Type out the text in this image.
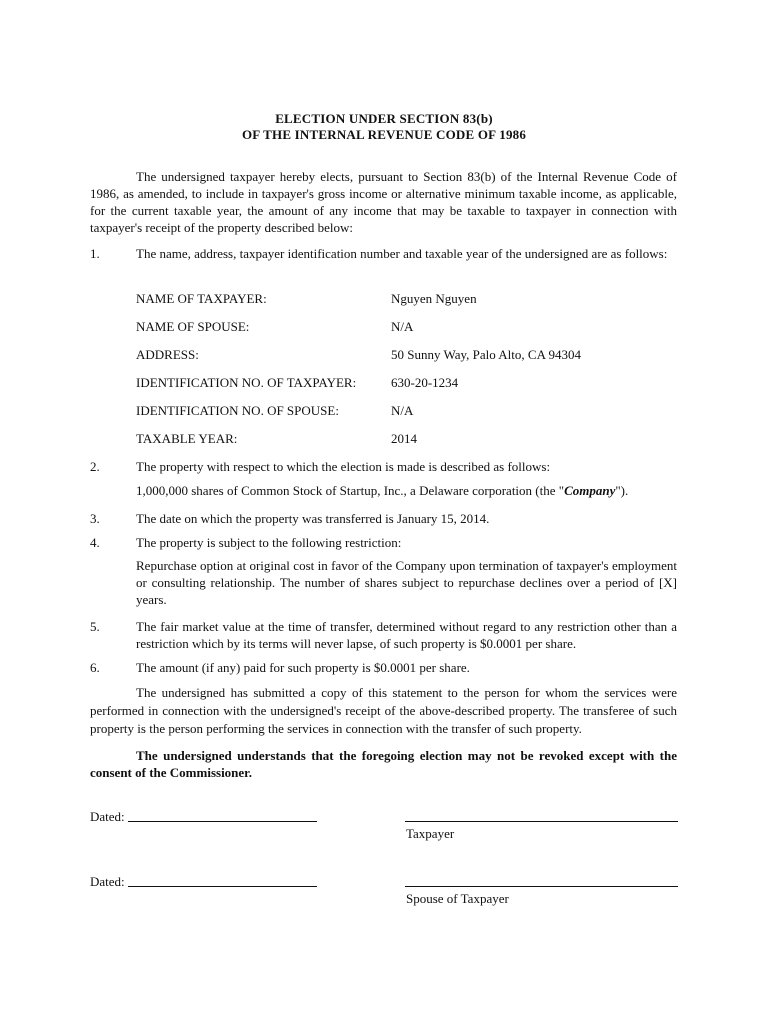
ELECTION UNDER SECTION 83(b)
OF THE INTERNAL REVENUE CODE OF 1986
The undersigned taxpayer hereby elects, pursuant to Section 83(b) of the Internal Revenue Code of 1986, as amended, to include in taxpayer's gross income or alternative minimum taxable income, as applicable, for the current taxable year, the amount of any income that may be taxable to taxpayer in connection with taxpayer's receipt of the property described below:
1.	The name, address, taxpayer identification number and taxable year of the undersigned are as follows:
NAME OF TAXPAYER:	Nguyen Nguyen
NAME OF SPOUSE:	N/A
ADDRESS:	50 Sunny Way, Palo Alto, CA 94304
IDENTIFICATION NO. OF TAXPAYER:	630-20-1234
IDENTIFICATION NO. OF SPOUSE:	N/A
TAXABLE YEAR:	2014
2.	The property with respect to which the election is made is described as follows:
1,000,000 shares of Common Stock of Startup, Inc., a Delaware corporation (the "Company").
3.	The date on which the property was transferred is January 15, 2014.
4.	The property is subject to the following restriction:
Repurchase option at original cost in favor of the Company upon termination of taxpayer's employment or consulting relationship. The number of shares subject to repurchase declines over a period of [X] years.
5.	The fair market value at the time of transfer, determined without regard to any restriction other than a restriction which by its terms will never lapse, of such property is $0.0001 per share.
6.	The amount (if any) paid for such property is $0.0001 per share.
The undersigned has submitted a copy of this statement to the person for whom the services were performed in connection with the undersigned's receipt of the above-described property. The transferee of such property is the person performing the services in connection with the transfer of such property.
The undersigned understands that the foregoing election may not be revoked except with the consent of the Commissioner.
Dated:
Taxpayer
Dated:
Spouse of Taxpayer
